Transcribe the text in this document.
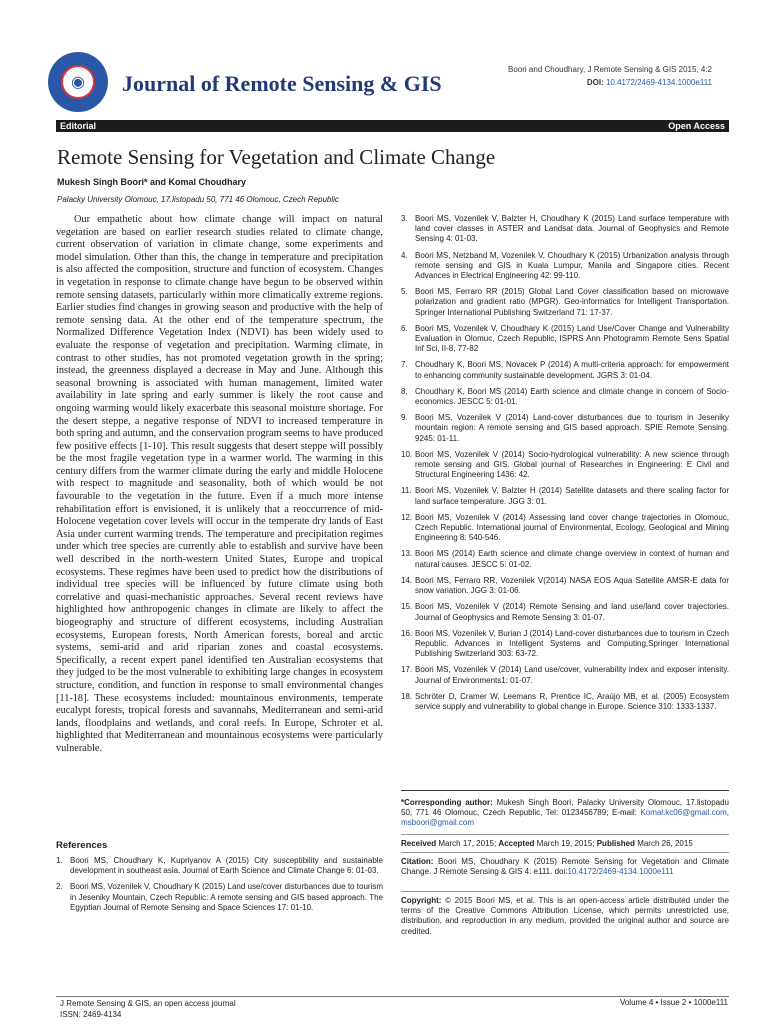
◉	Journal of Remote Sensing & GIS
Boori and Choudhary, J Remote Sensing & GIS 2015, 4:2
DOI: 10.4172/2469-4134.1000e111
Editorial	Open Access
Remote Sensing for Vegetation and Climate Change
Mukesh Singh Boori* and Komal Choudhary
Palacky University Olomouc, 17.listopadu 50, 771 46 Olomouc, Czech Republic

Our empathetic about how climate change will impact on natural vegetation are based on earlier research studies related to climate change, current observation of variation in climate change, some experiments and model simulation. Other than this, the change in temperature and precipitation is also affected the composition, structure and function of ecosystem. Changes in vegetation in response to climate change have begun to be observed within remote sensing datasets, particularly within more climatically extreme regions. Earlier studies find changes in growing season and productive with the help of remote sensing data. At the other end of the temperature spectrum, the Normalized Difference Vegetation Index (NDVI) has been widely used to evaluate the response of vegetation and precipitation. Warming climate, in contrast to other studies, has not promoted vegetation growth in the spring; instead, the greenness displayed a decrease in May and June. Although this seasonal browning is associated with human management, limited water availability in late spring and early summer is likely the root cause and ongoing warming would likely exacerbate this seasonal moisture shortage. For the desert steppe, a negative response of NDVI to increased temperature in both spring and autumn, and the conservation program seems to have produced few positive effects [1-10]. This result suggests that desert steppe will possibly be the most fragile vegetation type in a warmer world. The warming in this century differs from the warmer climate during the early and middle Holocene with respect to magnitude and seasonality, both of which would be not favourable to the vegetation in the future. Even if a much more intense rehabilitation effort is envisioned, it is unlikely that a reoccurrence of mid- Holocene vegetation cover levels will occur in the temperate dry lands of East Asia under current warming trends. The temperature and precipitation regimes under which tree species are currently able to establish and survive have been well described in the north-western United States, Europe and tropical ecosystems. These regimes have been used to predict how the distributions of individual tree species will be influenced by future climate using both correlative and quasi-mechanistic approaches. Several recent reviews have highlighted how anthropogenic changes in climate are likely to affect the biogeography and structure of different ecosystems, including Australian ecosystems, European forests, North American forests, boreal and arctic systems, semi-arid and arid riparian zones and coastal ecosystems. Specifically, a recent expert panel identified ten Australian ecosystems that they judged to be the most vulnerable to exhibiting large changes in ecosystem structure, condition, and function in response to small environmental changes [11-18]. These ecosystems included: mountainous environments, temperate eucalypt forests, tropical forests and savannahs, Mediterranean and semi-arid lands, floodplains and wetlands, and coral reefs. In Europe, Schroter et al. highlighted that Mediterranean and mountainous ecosystems were particularly vulnerable.

References
1. Boori MS, Choudhary K, Kupriyanov A (2015) City susceptibility and sustainable development in southeast asia. Journal of Earth Science and Climate Change 6: 01-03.
2. Boori MS, Vozenilek V, Choudhary K (2015) Land use/cover disturbances due to tourism in Jeseniky Mountain, Czech Republic: A remote sensing and GIS based approach. The Egyptian Journal of Remote Sensing and Space Sciences 17: 01-10.
3. Boori MS, Vozenilek V, Balzter H, Choudhary K (2015) Land surface temperature with land cover classes in ASTER and Landsat data. Journal of Geophysics and Remote Sensing 4: 01-03.
4. Boori MS, Netzband M, Vozenilek V, Choudhary K (2015) Urbanization analysis through remote sensing and GIS in Kuala Lumpur, Manila and Singapore cities. Recent Advances in Electrical Engineering 42: 99-110.
5. Boori MS, Ferraro RR (2015) Global Land Cover classification based on microwave polarization and gradient ratio (MPGR). Geo-informatics for Intelligent Transportation. Springer International Publishing Switzerland 71: 17-37.
6. Boori MS, Vozenilek V, Choudhary K (2015) Land Use/Cover Change and Vulnerability Evaluation in Olomuc, Czech Republic, ISPRS Ann Photogramm Remote Sens Spatial Inf Sci, II-8, 77-82
7. Choudhary K, Boori MS, Novacek P (2014) A multi-criteria approach: for empowerment to enhancing community sustainable development. JGRS 3: 01-04.
8. Choudhary K, Boori MS (2014) Earth science and climate change in concern of Socio-economics. JESCC 5: 01-01.
9. Boori MS, Vozenilek V (2014) Land-cover disturbances due to tourism in Jeseniky mountain region: A remote sensing and GIS based approach. SPIE Remote Sensing. 9245: 01-11.
10. Boori MS, Vozenilek V (2014) Socio-hydrological vulnerability: A new science through remote sensing and GIS. Global journal of Researches in Engineering: E Civil and Structural Engineering 1436: 42.
11. Boori MS, Vozenilek V, Balzter H (2014) Satellite datasets and there scaling factor for land surface temperature. JGG 3: 01.
12. Boori MS, Vozenilek V (2014) Assessing land cover change trajectories in Olomouc, Czech Republic. International journal of Environmental, Ecology, Geological and Mining Engineering 8: 540-546.
13. Boori MS (2014) Earth science and climate change overview in context of human and natural causes. JESCC 5: 01-02.
14. Boori MS, Ferraro RR, Vozenilek V(2014) NASA EOS Aqua Satellite AMSR-E data for snow variation. JGG 3: 01-06.
15. Boori MS, Vozenilek V (2014) Remote Sensing and land use/land cover trajectories. Journal of Geophysics and Remote Sensing 3: 01-07.
16. Boori MS, Vozenilek V, Burian J (2014) Land-cover disturbances due to tourism in Czech Republic. Advances in Intelligent Systems and Computing,Springer International Publishing Switzerland 303: 63-72.
17. Boori MS, Vozenilek V (2014) Land use/cover, vulnerability index and exposer intensity. Journal of Environments1: 01-07.
18. Schröter D, Cramer W, Leemans R, Prentice IC, Araújo MB, et al. (2005) Ecosystem service supply and vulnerability to global change in Europe. Science 310: 1333-1337.
*Corresponding author: Mukesh Singh Boori, Palacky University Olomouc, 17.listopadu 50, 771 46 Olomouc, Czech Republic, Tel: 0123456789; E-mail: Komal.kc06@gmail.com, msboori@gmail.com
Received March 17, 2015; Accepted March 19, 2015; Published March 26, 2015
Citation: Boori MS, Choudhary K (2015) Remote Sensing for Vegetation and Climate Change. J Remote Sensing & GIS 4: e111. doi:10.4172/2469-4134.1000e111
Copyright: © 2015 Boori MS, et al. This is an open-access article distributed under the terms of the Creative Commons Attribution License, which permits unrestricted use, distribution, and reproduction in any medium, provided the original author and source are credited.
J Remote Sensing & GIS, an open access journal
ISSN: 2469-4134
Volume 4 • Issue 2 • 1000e111
